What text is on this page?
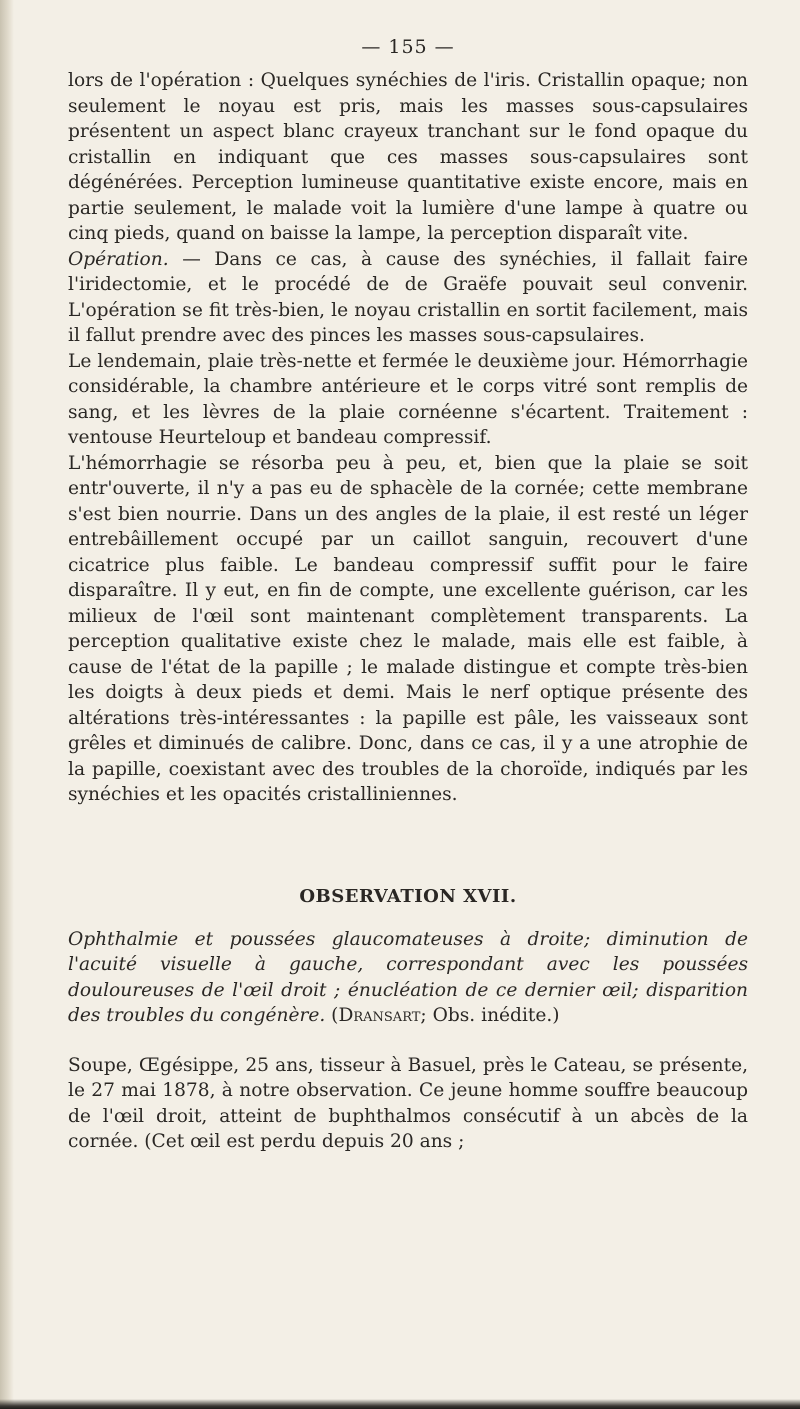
— 155 —

lors de l'opération : Quelques synéchies de l'iris. Cristallin opaque; non seulement le noyau est pris, mais les masses sous-capsulaires présentent un aspect blanc crayeux tranchant sur le fond opaque du cristallin en indiquant que ces masses sous-capsulaires sont dégénérées. Perception lumineuse quantitative existe encore, mais en partie seulement, le malade voit la lumière d'une lampe à quatre ou cinq pieds, quand on baisse la lampe, la perception disparaît vite.

Opération. — Dans ce cas, à cause des synéchies, il fallait faire l'iridectomie, et le procédé de de Graëfe pouvait seul convenir. L'opération se fit très-bien, le noyau cristallin en sortit facilement, mais il fallut prendre avec des pinces les masses sous-capsulaires.

Le lendemain, plaie très-nette et fermée le deuxième jour. Hémorrhagie considérable, la chambre antérieure et le corps vitré sont remplis de sang, et les lèvres de la plaie cornéenne s'écartent. Traitement : ventouse Heurteloup et bandeau compressif.

L'hémorrhagie se résorba peu à peu, et, bien que la plaie se soit entr'ouverte, il n'y a pas eu de sphacèle de la cornée; cette membrane s'est bien nourrie. Dans un des angles de la plaie, il est resté un léger entrebâillement occupé par un caillot sanguin, recouvert d'une cicatrice plus faible. Le bandeau compressif suffit pour le faire disparaître. Il y eut, en fin de compte, une excellente guérison, car les milieux de l'œil sont maintenant complètement transparents. La perception qualitative existe chez le malade, mais elle est faible, à cause de l'état de la papille ; le malade distingue et compte très-bien les doigts à deux pieds et demi. Mais le nerf optique présente des altérations très-intéressantes : la papille est pâle, les vaisseaux sont grêles et diminués de calibre. Donc, dans ce cas, il y a une atrophie de la papille, coexistant avec des troubles de la choroïde, indiqués par les synéchies et les opacités cristalliniennes.

OBSERVATION XVII.

Ophthalmie et poussées glaucomateuses à droite; diminution de l'acuité visuelle à gauche, correspondant avec les poussées douloureuses de l'œil droit ; énucléation de ce dernier œil; disparition des troubles du congénère. (Dransart; Obs. inédite.)

Soupe, Œgésippe, 25 ans, tisseur à Basuel, près le Cateau, se présente, le 27 mai 1878, à notre observation. Ce jeune homme souffre beaucoup de l'œil droit, atteint de buphthalmos consécutif à un abcès de la cornée. (Cet œil est perdu depuis 20 ans ;
